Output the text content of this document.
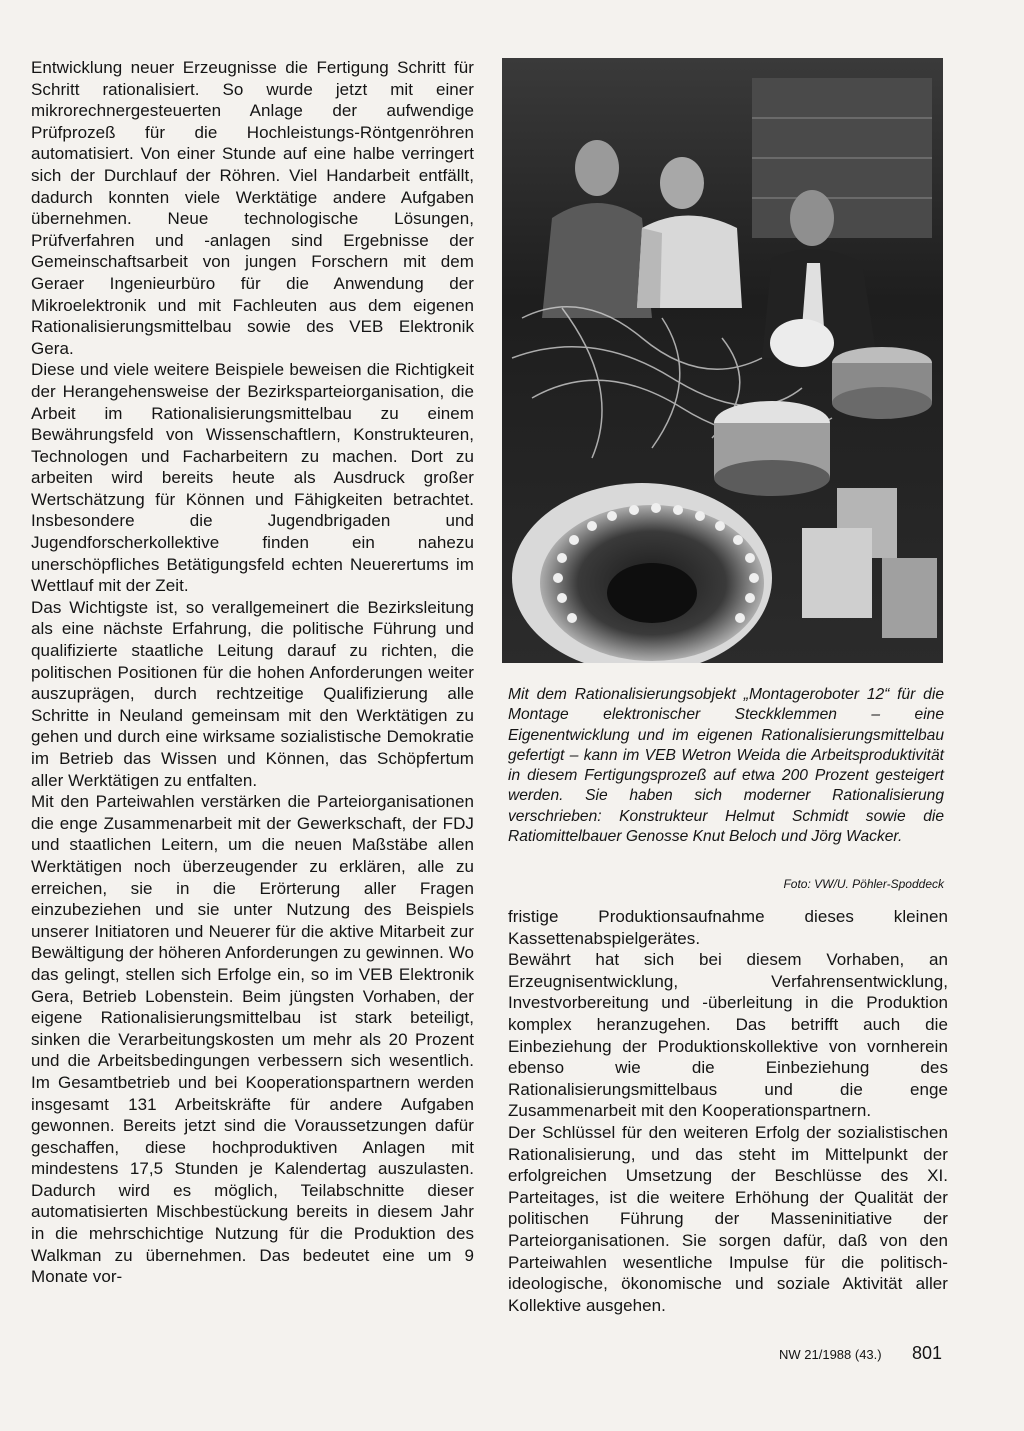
Entwicklung neuer Erzeugnisse die Fertigung Schritt für Schritt rationalisiert. So wurde jetzt mit einer mikrorechnergesteuerten Anlage der aufwendige Prüfprozeß für die Hochleistungs-Röntgenröhren automatisiert. Von einer Stunde auf eine halbe verringert sich der Durchlauf der Röhren. Viel Handarbeit entfällt, dadurch konnten viele Werktätige andere Aufgaben übernehmen. Neue technologische Lösungen, Prüfverfahren und -anlagen sind Ergebnisse der Gemeinschaftsarbeit von jungen Forschern mit dem Geraer Ingenieurbüro für die Anwendung der Mikroelektronik und mit Fachleuten aus dem eigenen Rationalisierungsmittelbau sowie des VEB Elektronik Gera.

Diese und viele weitere Beispiele beweisen die Richtigkeit der Herangehensweise der Bezirksparteiorganisation, die Arbeit im Rationalisierungsmittelbau zu einem Bewährungsfeld von Wissenschaftlern, Konstrukteuren, Technologen und Facharbeitern zu machen. Dort zu arbeiten wird bereits heute als Ausdruck großer Wertschätzung für Können und Fähigkeiten betrachtet. Insbesondere die Jugendbrigaden und Jugendforscherkollektive finden ein nahezu unerschöpfliches Betätigungsfeld echten Neuerertums im Wettlauf mit der Zeit.

Das Wichtigste ist, so verallgemeinert die Bezirksleitung als eine nächste Erfahrung, die politische Führung und qualifizierte staatliche Leitung darauf zu richten, die politischen Positionen für die hohen Anforderungen weiter auszuprägen, durch rechtzeitige Qualifizierung alle Schritte in Neuland gemeinsam mit den Werktätigen zu gehen und durch eine wirksame sozialistische Demokratie im Betrieb das Wissen und Können, das Schöpfertum aller Werktätigen zu entfalten.

Mit den Parteiwahlen verstärken die Parteiorganisationen die enge Zusammenarbeit mit der Gewerkschaft, der FDJ und staatlichen Leitern, um die neuen Maßstäbe allen Werktätigen noch überzeugender zu erklären, alle zu erreichen, sie in die Erörterung aller Fragen einzubeziehen und sie unter Nutzung des Beispiels unserer Initiatoren und Neuerer für die aktive Mitarbeit zur Bewältigung der höheren Anforderungen zu gewinnen. Wo das gelingt, stellen sich Erfolge ein, so im VEB Elektronik Gera, Betrieb Lobenstein. Beim jüngsten Vorhaben, der eigene Rationalisierungsmittelbau ist stark beteiligt, sinken die Verarbeitungskosten um mehr als 20 Prozent und die Arbeitsbedingungen verbessern sich wesentlich. Im Gesamtbetrieb und bei Kooperationspartnern werden insgesamt 131 Arbeitskräfte für andere Aufgaben gewonnen. Bereits jetzt sind die Voraussetzungen dafür geschaffen, diese hochproduktiven Anlagen mit mindestens 17,5 Stunden je Kalendertag auszulasten. Dadurch wird es möglich, Teilabschnitte dieser automatisierten Mischbestückung bereits in diesem Jahr in die mehrschichtige Nutzung für die Produktion des Walkman zu übernehmen. Das bedeutet eine um 9 Monate vor-

Mit dem Rationalisierungsobjekt „Montageroboter 12“ für die Montage elektronischer Steckklemmen – eine Eigenentwicklung und im eigenen Rationalisierungsmittelbau gefertigt – kann im VEB Wetron Weida die Arbeitsproduktivität in diesem Fertigungsprozeß auf etwa 200 Prozent gesteigert werden. Sie haben sich moderner Rationalisierung verschrieben: Konstrukteur Helmut Schmidt sowie die Ratiomittelbauer Genosse Knut Beloch und Jörg Wacker.

Foto: VW/U. Pöhler-Spoddeck

fristige Produktionsaufnahme dieses kleinen Kassettenabspielgerätes.

Bewährt hat sich bei diesem Vorhaben, an Erzeugnisentwicklung, Verfahrensentwicklung, Investvorbereitung und -überleitung in die Produktion komplex heranzugehen. Das betrifft auch die Einbeziehung der Produktionskollektive von vornherein ebenso wie die Einbeziehung des Rationalisierungsmittelbaus und die enge Zusammenarbeit mit den Kooperationspartnern.

Der Schlüssel für den weiteren Erfolg der sozialistischen Rationalisierung, und das steht im Mittelpunkt der erfolgreichen Umsetzung der Beschlüsse des XI. Parteitages, ist die weitere Erhöhung der Qualität der politischen Führung der Masseninitiative der Parteiorganisationen. Sie sorgen dafür, daß von den Parteiwahlen wesentliche Impulse für die politisch-ideologische, ökonomische und soziale Aktivität aller Kollektive ausgehen.

NW 21/1988 (43.) 801
